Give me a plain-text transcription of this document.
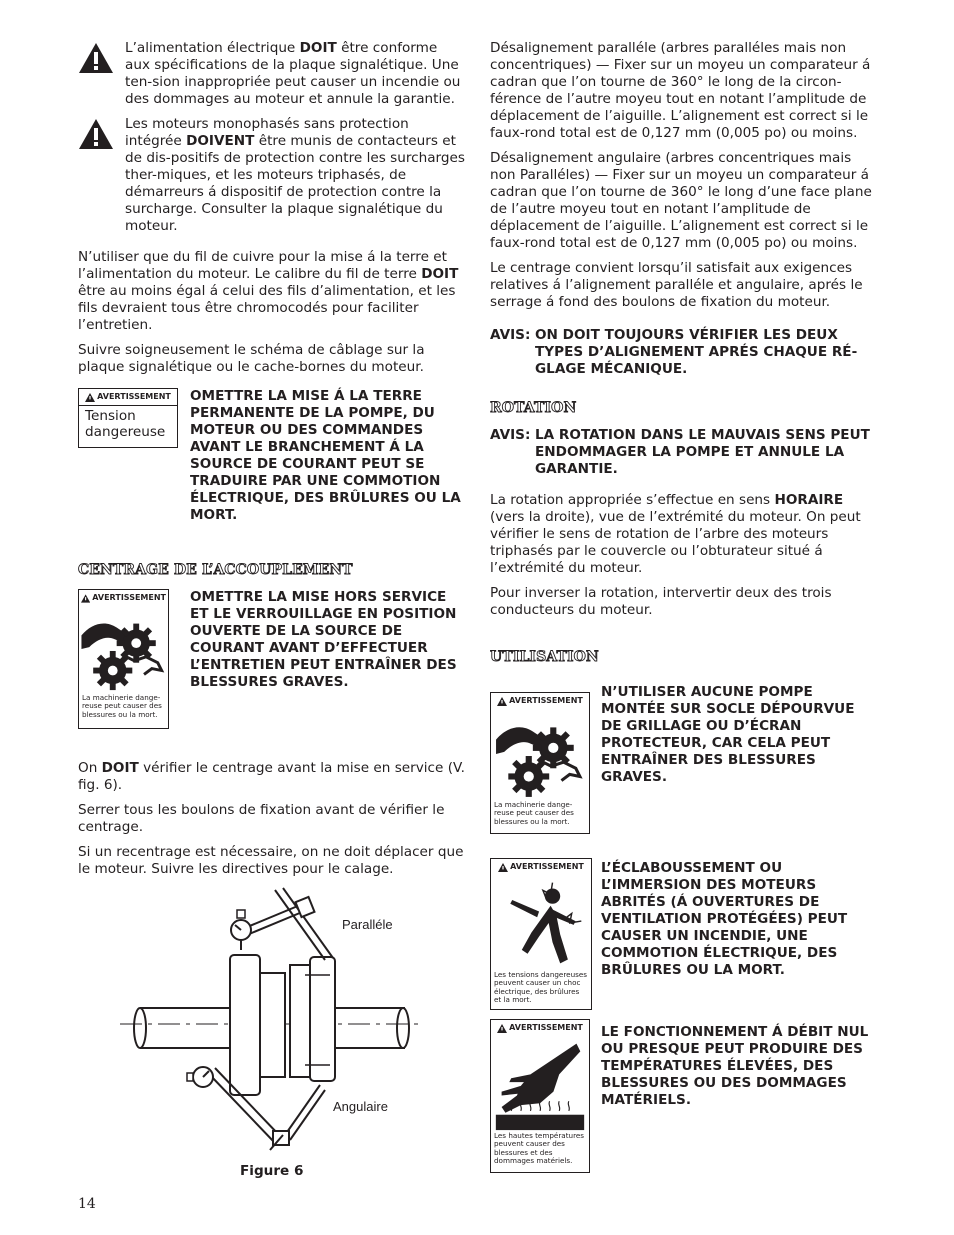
L’alimentation électrique DOIT être conforme aux spécifications de la plaque signalétique. Une ten-sion inappropriée peut causer un incendie ou des dommages au moteur et annule la garantie.
Les moteurs monophasés sans protection intégrée DOIVENT être munis de contacteurs et de dis-positifs de protection contre les surcharges ther-miques, et les moteurs triphasés, de démarreurs á dispositif de protection contre la surcharge. Consulter la plaque signalétique du moteur.

N’utiliser que du fil de cuivre pour la mise á la terre et l’alimentation du moteur. Le calibre du fil de terre DOIT être au moins égal á celui des fils d’alimentation, et les fils devraient tous être chromocodés pour faciliter l’entretien.

Suivre soigneusement le schéma de câblage sur la plaque signalétique ou le cache-bornes du moteur.

AVERTISSEMENT
Tension dangereuse
OMETTRE LA MISE Á LA TERRE PERMANENTE DE LA POMPE, DU MOTEUR OU DES COMMANDES AVANT LE BRANCHEMENT Á LA SOURCE DE COURANT PEUT SE TRADUIRE PAR UNE COMMOTION ÉLECTRIQUE, DES BRÛLURES OU LA MORT.
CENTRAGE DE L’ACCOUPLEMENT
AVERTISSEMENT
La machinerie dange-reuse peut causer des blessures ou la mort.
OMETTRE LA MISE HORS SERVICE ET LE VERROUILLAGE EN POSITION OUVERTE DE LA SOURCE DE COURANT AVANT D’EFFECTUER L’ENTRETIEN PEUT ENTRAÎNER DES BLESSURES GRAVES.

On DOIT vérifier le centrage avant la mise en service (V. fig. 6).

Serrer tous les boulons de fixation avant de vérifier le centrage.

Si un recentrage est nécessaire, on ne doit déplacer que le moteur. Suivre les directives pour le calage.

Paralléle
Angulaire
Figure 6
14

Désalignement paralléle (arbres paralléles mais non concentriques) — Fixer sur un moyeu un comparateur á cadran que l’on tourne de 360° le long de la circon-férence de l’autre moyeu tout en notant l’amplitude de déplacement de l’aiguille. L’alignement est correct si le faux-rond total est de 0,127 mm (0,005 po) ou moins.

Désalignement angulaire (arbres concentriques mais non Paralléles) — Fixer sur un moyeu un comparateur á cadran que l’on tourne de 360° le long d’une face plane de l’autre moyeu tout en notant l’amplitude de déplacement de l’aiguille. L’alignement est correct si le faux-rond total est de 0,127 mm (0,005 po) ou moins.

Le centrage convient lorsqu’il satisfait aux exigences relatives á l’alignement paralléle et angulaire, aprés le serrage á fond des boulons de fixation du moteur.

AVIS: ON DOIT TOUJOURS VÉRIFIER LES DEUX TYPES D’ALIGNEMENT APRÉS CHAQUE RÉ-GLAGE MÉCANIQUE.
ROTATION
AVIS: LA ROTATION DANS LE MAUVAIS SENS PEUT ENDOMMAGER LA POMPE ET ANNULE LA GARANTIE.

La rotation appropriée s’effectue en sens HORAIRE (vers la droite), vue de l’extrémité du moteur. On peut vérifier le sens de rotation de l’arbre des moteurs triphasés par le couvercle ou l’obturateur situé á l’extrémité du moteur.

Pour inverser la rotation, intervertir deux des trois conducteurs du moteur.

UTILISATION
AVERTISSEMENT
La machinerie dange-reuse peut causer des blessures ou la mort.
N’UTILISER AUCUNE POMPE MONTÉE SUR SOCLE DÉPOURVUE DE GRILLAGE OU D’ÉCRAN PROTECTEUR, CAR CELA PEUT ENTRAÎNER DES BLESSURES GRAVES.
AVERTISSEMENT
Les tensions dangereuses peuvent causer un choc électrique, des brûlures et la mort.
L’ÉCLABOUSSEMENT OU L’IMMERSION DES MOTEURS ABRITÉS (Á OUVERTURES DE VENTILATION PROTÉGÉES) PEUT CAUSER UN INCENDIE, UNE COMMOTION ÉLECTRIQUE, DES BRÛLURES OU LA MORT.
AVERTISSEMENT
Les hautes températures peuvent causer des blessures et des dommages matériels.
LE FONCTIONNEMENT Á DÉBIT NUL OU PRESQUE PEUT PRODUIRE DES TEMPÉRATURES ÉLEVÉES, DES BLESSURES OU DES DOMMAGES MATÉRIELS.
